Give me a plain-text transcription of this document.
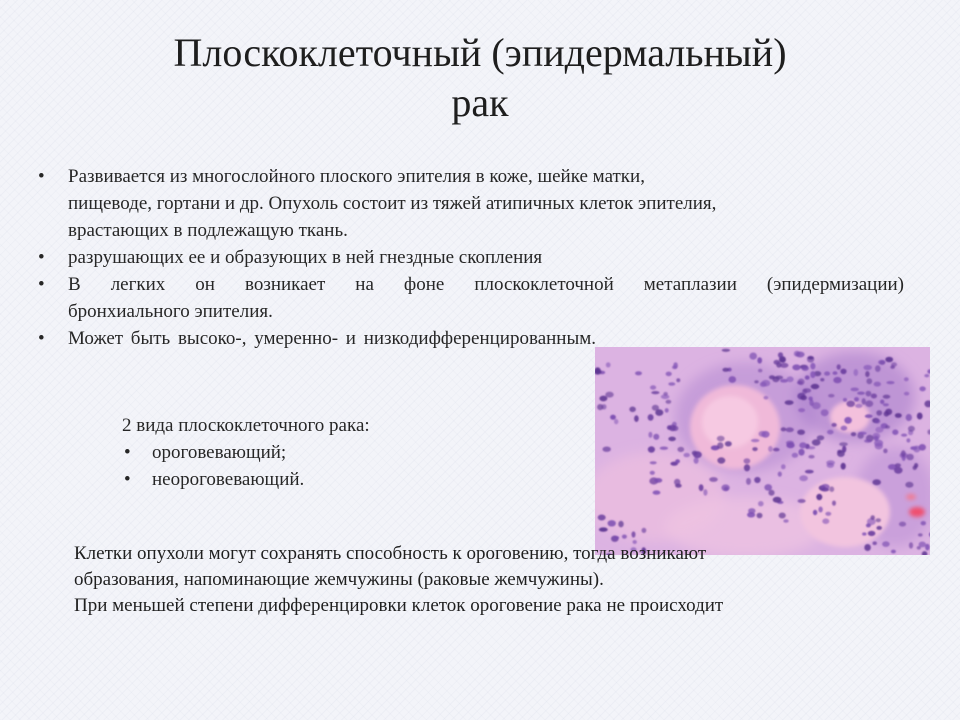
Плоскоклеточный (эпидермальный)
рак
• Развивается из многослойного плоского эпителия в коже, шейке матки,
пищеводе, гортани и др. Опухоль состоит из тяжей атипичных клеток эпителия,
врастающих в подлежащую ткань.
• разрушающих ее и образующих в ней гнездные скопления
• В легких он возникает на фоне плоскоклеточной метаплазии (эпидермизации)
бронхиального эпителия.
• Может быть высоко-, умеренно- и низкодифференцированным.
2 вида плоскоклеточного рака:
• ороговевающий;
• неороговевающий.
Клетки опухоли могут сохранять способность к ороговению, тогда возникают
образования, напоминающие жемчужины (раковые жемчужины).
При меньшей степени дифференцировки клеток ороговение рака не происходит
